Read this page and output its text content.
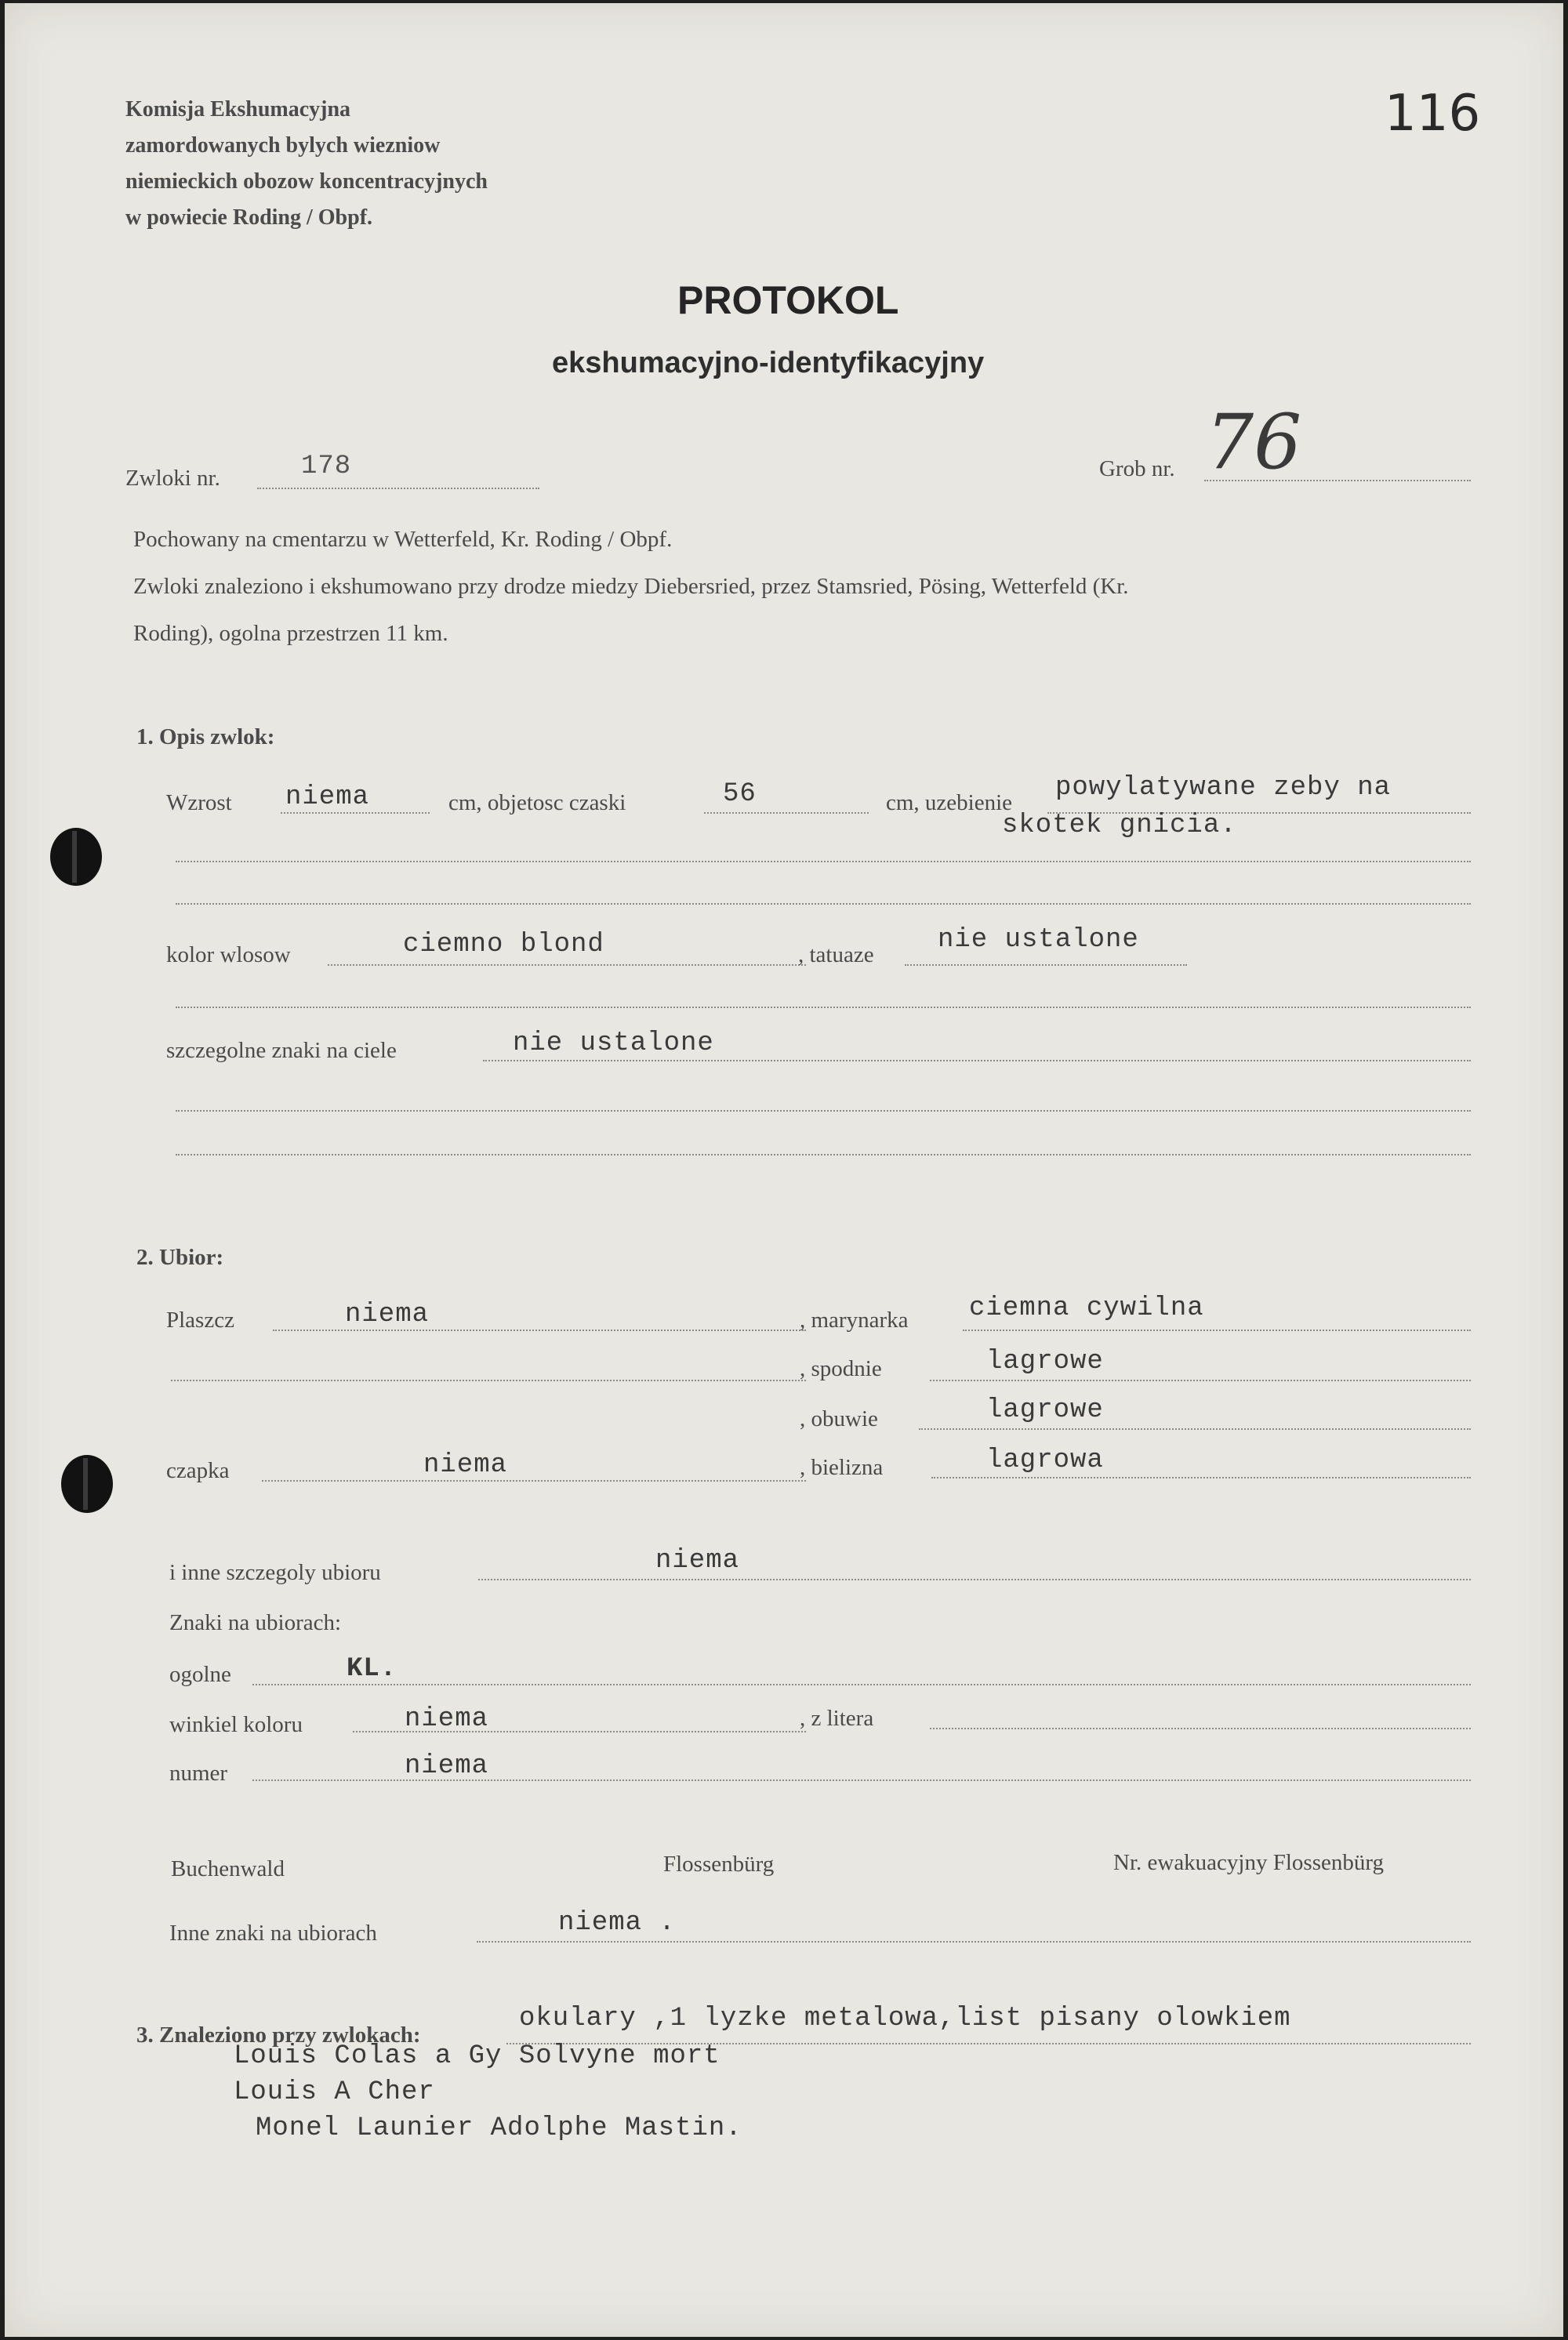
Komisja Ekshumacyjna
zamordowanych bylych wiezniow
niemieckich obozow koncentracyjnych
w powiecie Roding / Obpf.
116
PROTOKOL
ekshumacyjno-identyfikacyjny
Zwloki nr.	178	Grob nr. 76
Pochowany na cmentarzu w Wetterfeld, Kr. Roding / Obpf.
Zwloki znaleziono i ekshumowano przy drodze miedzy Diebersried, przez Stamsried, Pösing, Wetterfeld (Kr.
Roding), ogolna przestrzen 11 km.
1. Opis zwlok:
Wzrost niema	cm, objetosc czaski	56	cm, uzebienie powylatywane zeby na
skotek gnicia.
kolor wlosow	ciemno blond	, tatuaze nie ustalone
szczegolne znaki na ciele	nie ustalone
2. Ubior:
Plaszcz	niema	, marynarka ciemna cywilna
, spodnie	lagrowe
, obuwie	lagrowe
czapka	niema	, bielizna	lagrowa
i inne szczegoly ubioru	niema
Znaki na ubiorach:
ogolne	KL.
winkiel koloru	niema	, z litera
numer	niema
Buchenwald	Flossenbürg	Nr. ewakuacyjny Flossenbürg
Inne znaki na ubiorach	niema .
3. Znaleziono przy zwlokach:
okulary ,1 lyzke metalowa,list pisany olowkiem
Louis Colas a Gy Solvyne mort
Louis A Cher
Monel Launier Adolphe Mastin.
